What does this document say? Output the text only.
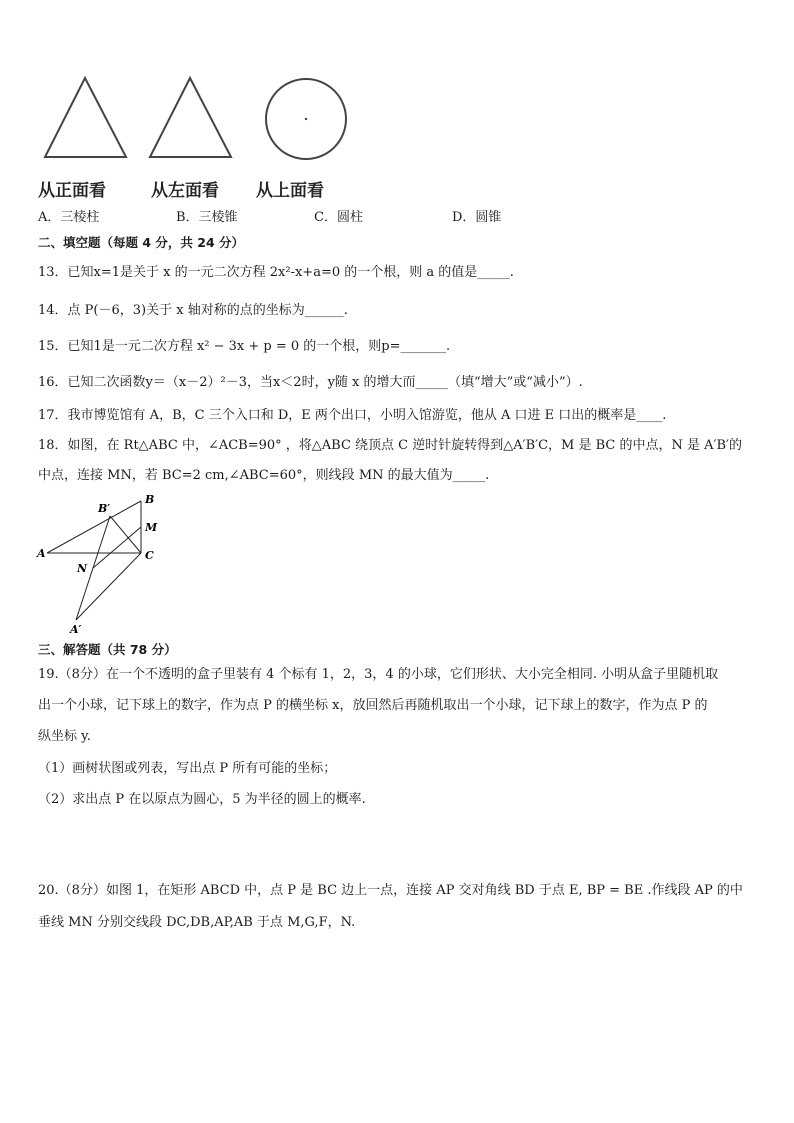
从正面看	从左面看 从上面看
A．三棱柱	B．三棱锥	C．圆柱	D．圆锥
二、填空题（每题 4 分，共 24 分）
13．已知x=1是关于 x 的一元二次方程 2x²-x+a=0 的一个根，则 a 的值是_____.
14．点 P(－6，3)关于 x 轴对称的点的坐标为______.
15．已知1是一元二次方程 x² − 3x + p = 0 的一个根，则p=_______.
16．已知二次函数y＝（x－2）²－3，当x＜2时，y随 x 的增大而_____（填“增大”或“减小”）.
17．我市博览馆有 A，B，C 三个入口和 D，E 两个出口，小明入馆游览，他从 A 口进 E 口出的概率是____.
18．如图，在 Rt△ABC 中，∠ACB=90° ，将△ABC 绕顶点 C 逆时针旋转得到△A′B′C，M 是 BC 的中点，N 是 A′B′的
中点，连接 MN，若 BC=2 cm,∠ABC=60°，则线段 MN 的最大值为_____.
B
B′
M
A	C
N
A′
三、解答题（共 78 分）
19.（8分）在一个不透明的盒子里装有 4 个标有 1，2，3，4 的小球，它们形状、大小完全相同. 小明从盒子里随机取
出一个小球，记下球上的数字，作为点 P 的横坐标 x，放回然后再随机取出一个小球，记下球上的数字，作为点 P 的
纵坐标 y.
（1）画树状图或列表，写出点 P 所有可能的坐标；
（2）求出点 P 在以原点为圆心，5 为半径的圆上的概率.
20.（8分）如图 1，在矩形 ABCD 中，点 P 是 BC 边上一点，连接 AP 交对角线 BD 于点 E, BP = BE .作线段 AP 的中
垂线 MN 分别交线段 DC,DB,AP,AB 于点 M,G,F，N.
